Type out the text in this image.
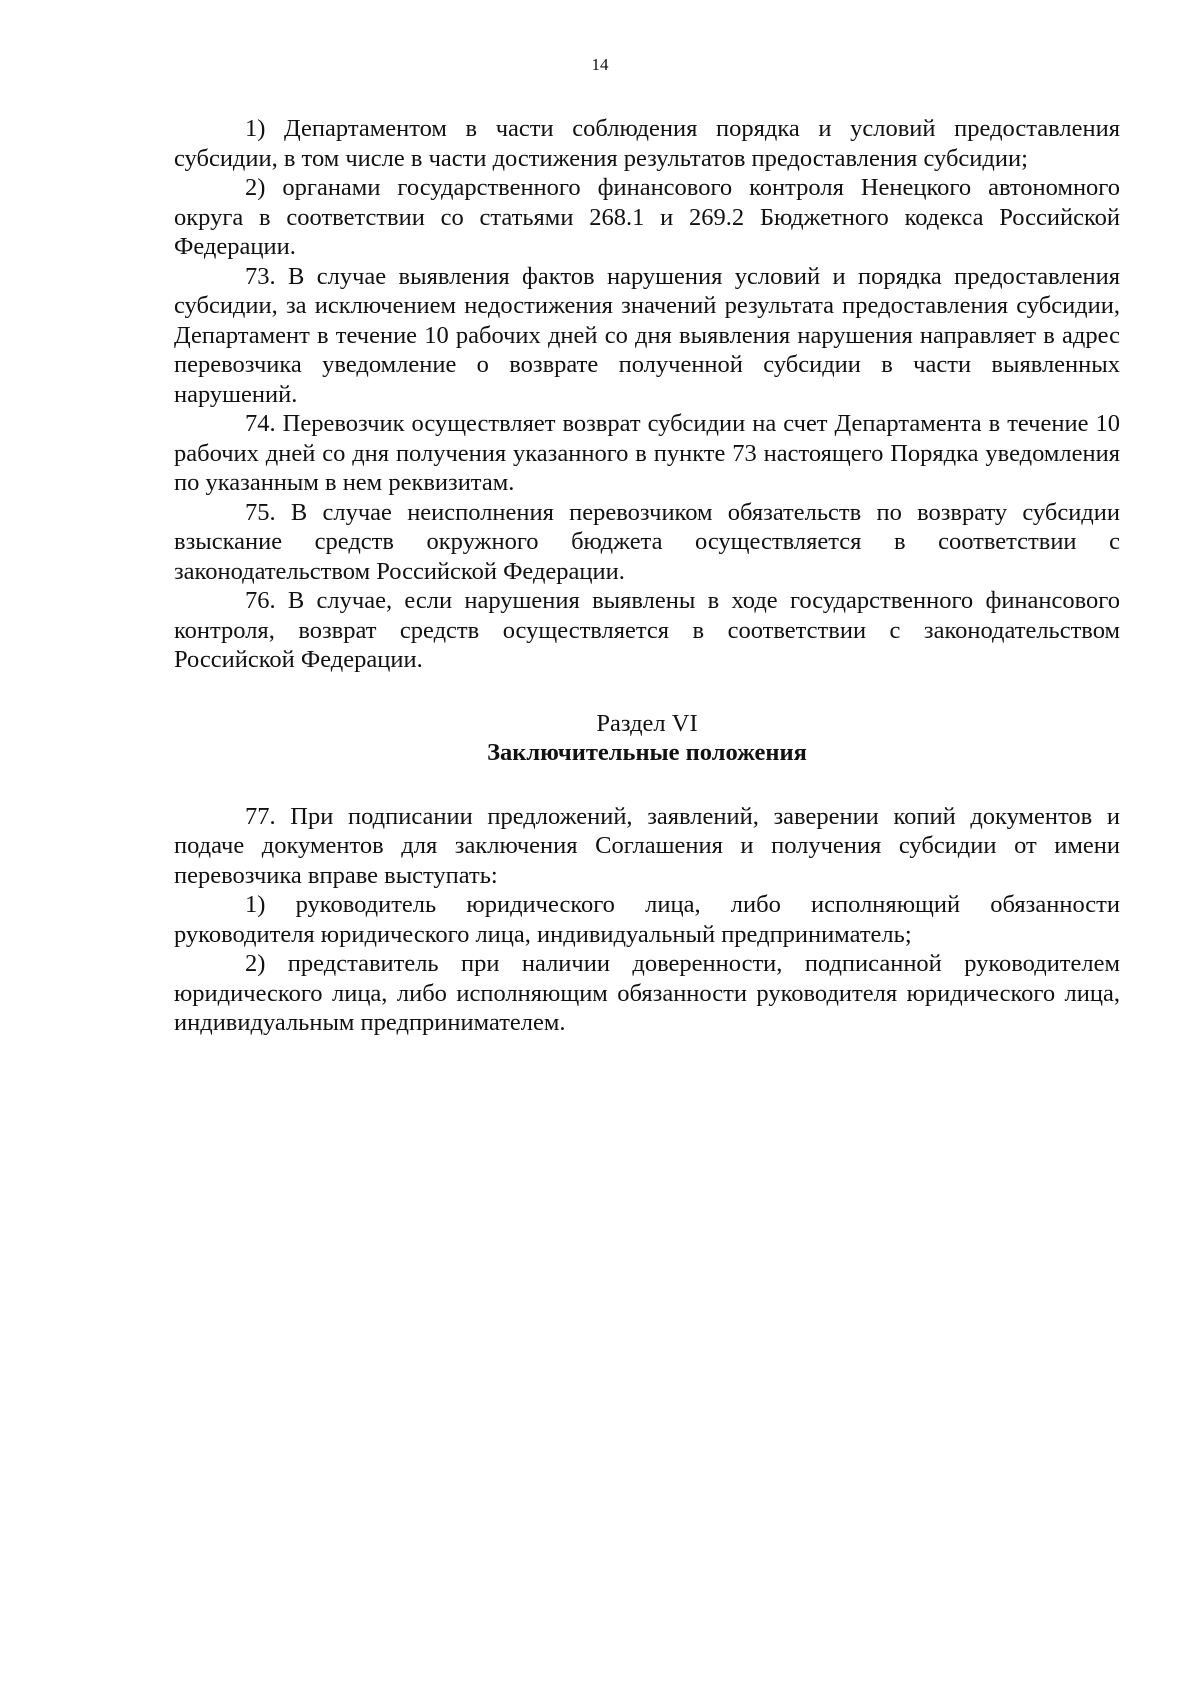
14

1) Департаментом в части соблюдения порядка и условий предоставления субсидии, в том числе в части достижения результатов предоставления субсидии;

2) органами государственного финансового контроля Ненецкого автономного округа в соответствии со статьями 268.1 и 269.2 Бюджетного кодекса Российской Федерации.

73. В случае выявления фактов нарушения условий и порядка предоставления субсидии, за исключением недостижения значений результата предоставления субсидии, Департамент в течение 10 рабочих дней со дня выявления нарушения направляет в адрес перевозчика уведомление о возврате полученной субсидии в части выявленных нарушений.

74. Перевозчик осуществляет возврат субсидии на счет Департамента в течение 10 рабочих дней со дня получения указанного в пункте 73 настоящего Порядка уведомления по указанным в нем реквизитам.

75. В случае неисполнения перевозчиком обязательств по возврату субсидии взыскание средств окружного бюджета осуществляется в соответствии с законодательством Российской Федерации.

76. В случае, если нарушения выявлены в ходе государственного финансового контроля, возврат средств осуществляется в соответствии с законодательством Российской Федерации.

Раздел VI
Заключительные положения

77. При подписании предложений, заявлений, заверении копий документов и подаче документов для заключения Соглашения и получения субсидии от имени перевозчика вправе выступать:

1) руководитель юридического лица, либо исполняющий обязанности руководителя юридического лица, индивидуальный предприниматель;

2) представитель при наличии доверенности, подписанной руководителем юридического лица, либо исполняющим обязанности руководителя юридического лица, индивидуальным предпринимателем.
